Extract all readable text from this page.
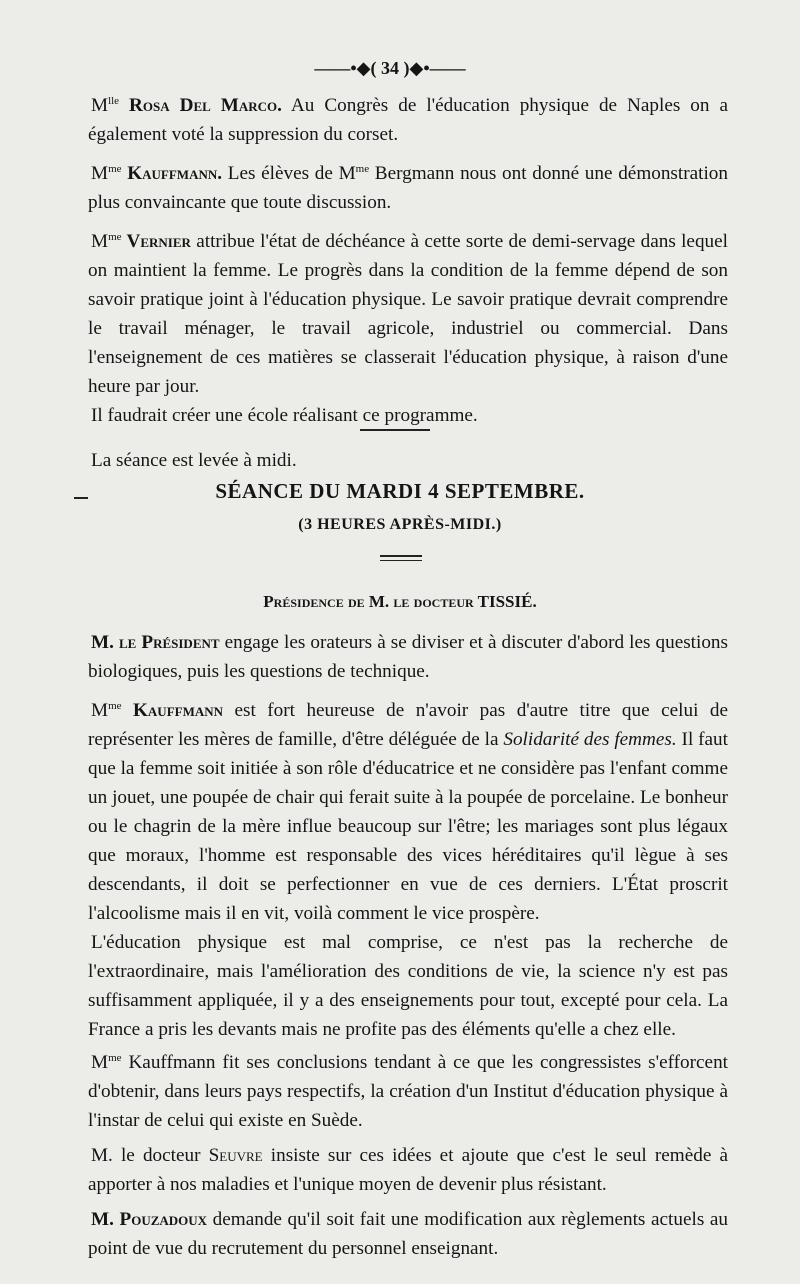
——•◆( 34 )◆•——

$M^{lle}$ Rosa Del Marco. Au Congrès de l'éducation physique de Naples on a également voté la suppression du corset.

$M^{me}$ Kauffmann. Les élèves de $M^{me}$ Bergmann nous ont donné une démonstration plus convaincante que toute discussion.

$M^{me}$ Vernier attribue l'état de déchéance à cette sorte de demi-servage dans lequel on maintient la femme. Le progrès dans la condition de la femme dépend de son savoir pratique joint à l'éducation physique. Le savoir pratique devrait comprendre le travail ménager, le travail agricole, industriel ou commercial. Dans l'enseignement de ces matières se classerait l'éducation physique, à raison d'une heure par jour.

Il faudrait créer une école réalisant ce programme.

La séance est levée à midi.

SÉANCE DU MARDI 4 SEPTEMBRE.
(3 HEURES APRÈS-MIDI.)
Présidence de M. le docteur TISSIÉ.

M. le Président engage les orateurs à se diviser et à discuter d'abord les questions biologiques, puis les questions de technique.

$M^{me}$ Kauffmann est fort heureuse de n'avoir pas d'autre titre que celui de représenter les mères de famille, d'être déléguée de la Solidarité des femmes. Il faut que la femme soit initiée à son rôle d'éducatrice et ne considère pas l'enfant comme un jouet, une poupée de chair qui ferait suite à la poupée de porcelaine. Le bonheur ou le chagrin de la mère influe beaucoup sur l'être; les mariages sont plus légaux que moraux, l'homme est responsable des vices héréditaires qu'il lègue à ses descendants, il doit se perfectionner en vue de ces derniers. L'État proscrit l'alcoolisme mais il en vit, voilà comment le vice prospère.

L'éducation physique est mal comprise, ce n'est pas la recherche de l'extraordinaire, mais l'amélioration des conditions de vie, la science n'y est pas suffisamment appliquée, il y a des enseignements pour tout, excepté pour cela. La France a pris les devants mais ne profite pas des éléments qu'elle a chez elle.

$M^{me}$ Kauffmann fit ses conclusions tendant à ce que les congressistes s'efforcent d'obtenir, dans leurs pays respectifs, la création d'un Institut d'éducation physique à l'instar de celui qui existe en Suède.

M. le docteur Seuvre insiste sur ces idées et ajoute que c'est le seul remède à apporter à nos maladies et l'unique moyen de devenir plus résistant.

M. Pouzadoux demande qu'il soit fait une modification aux règlements actuels au point de vue du recrutement du personnel enseignant.
